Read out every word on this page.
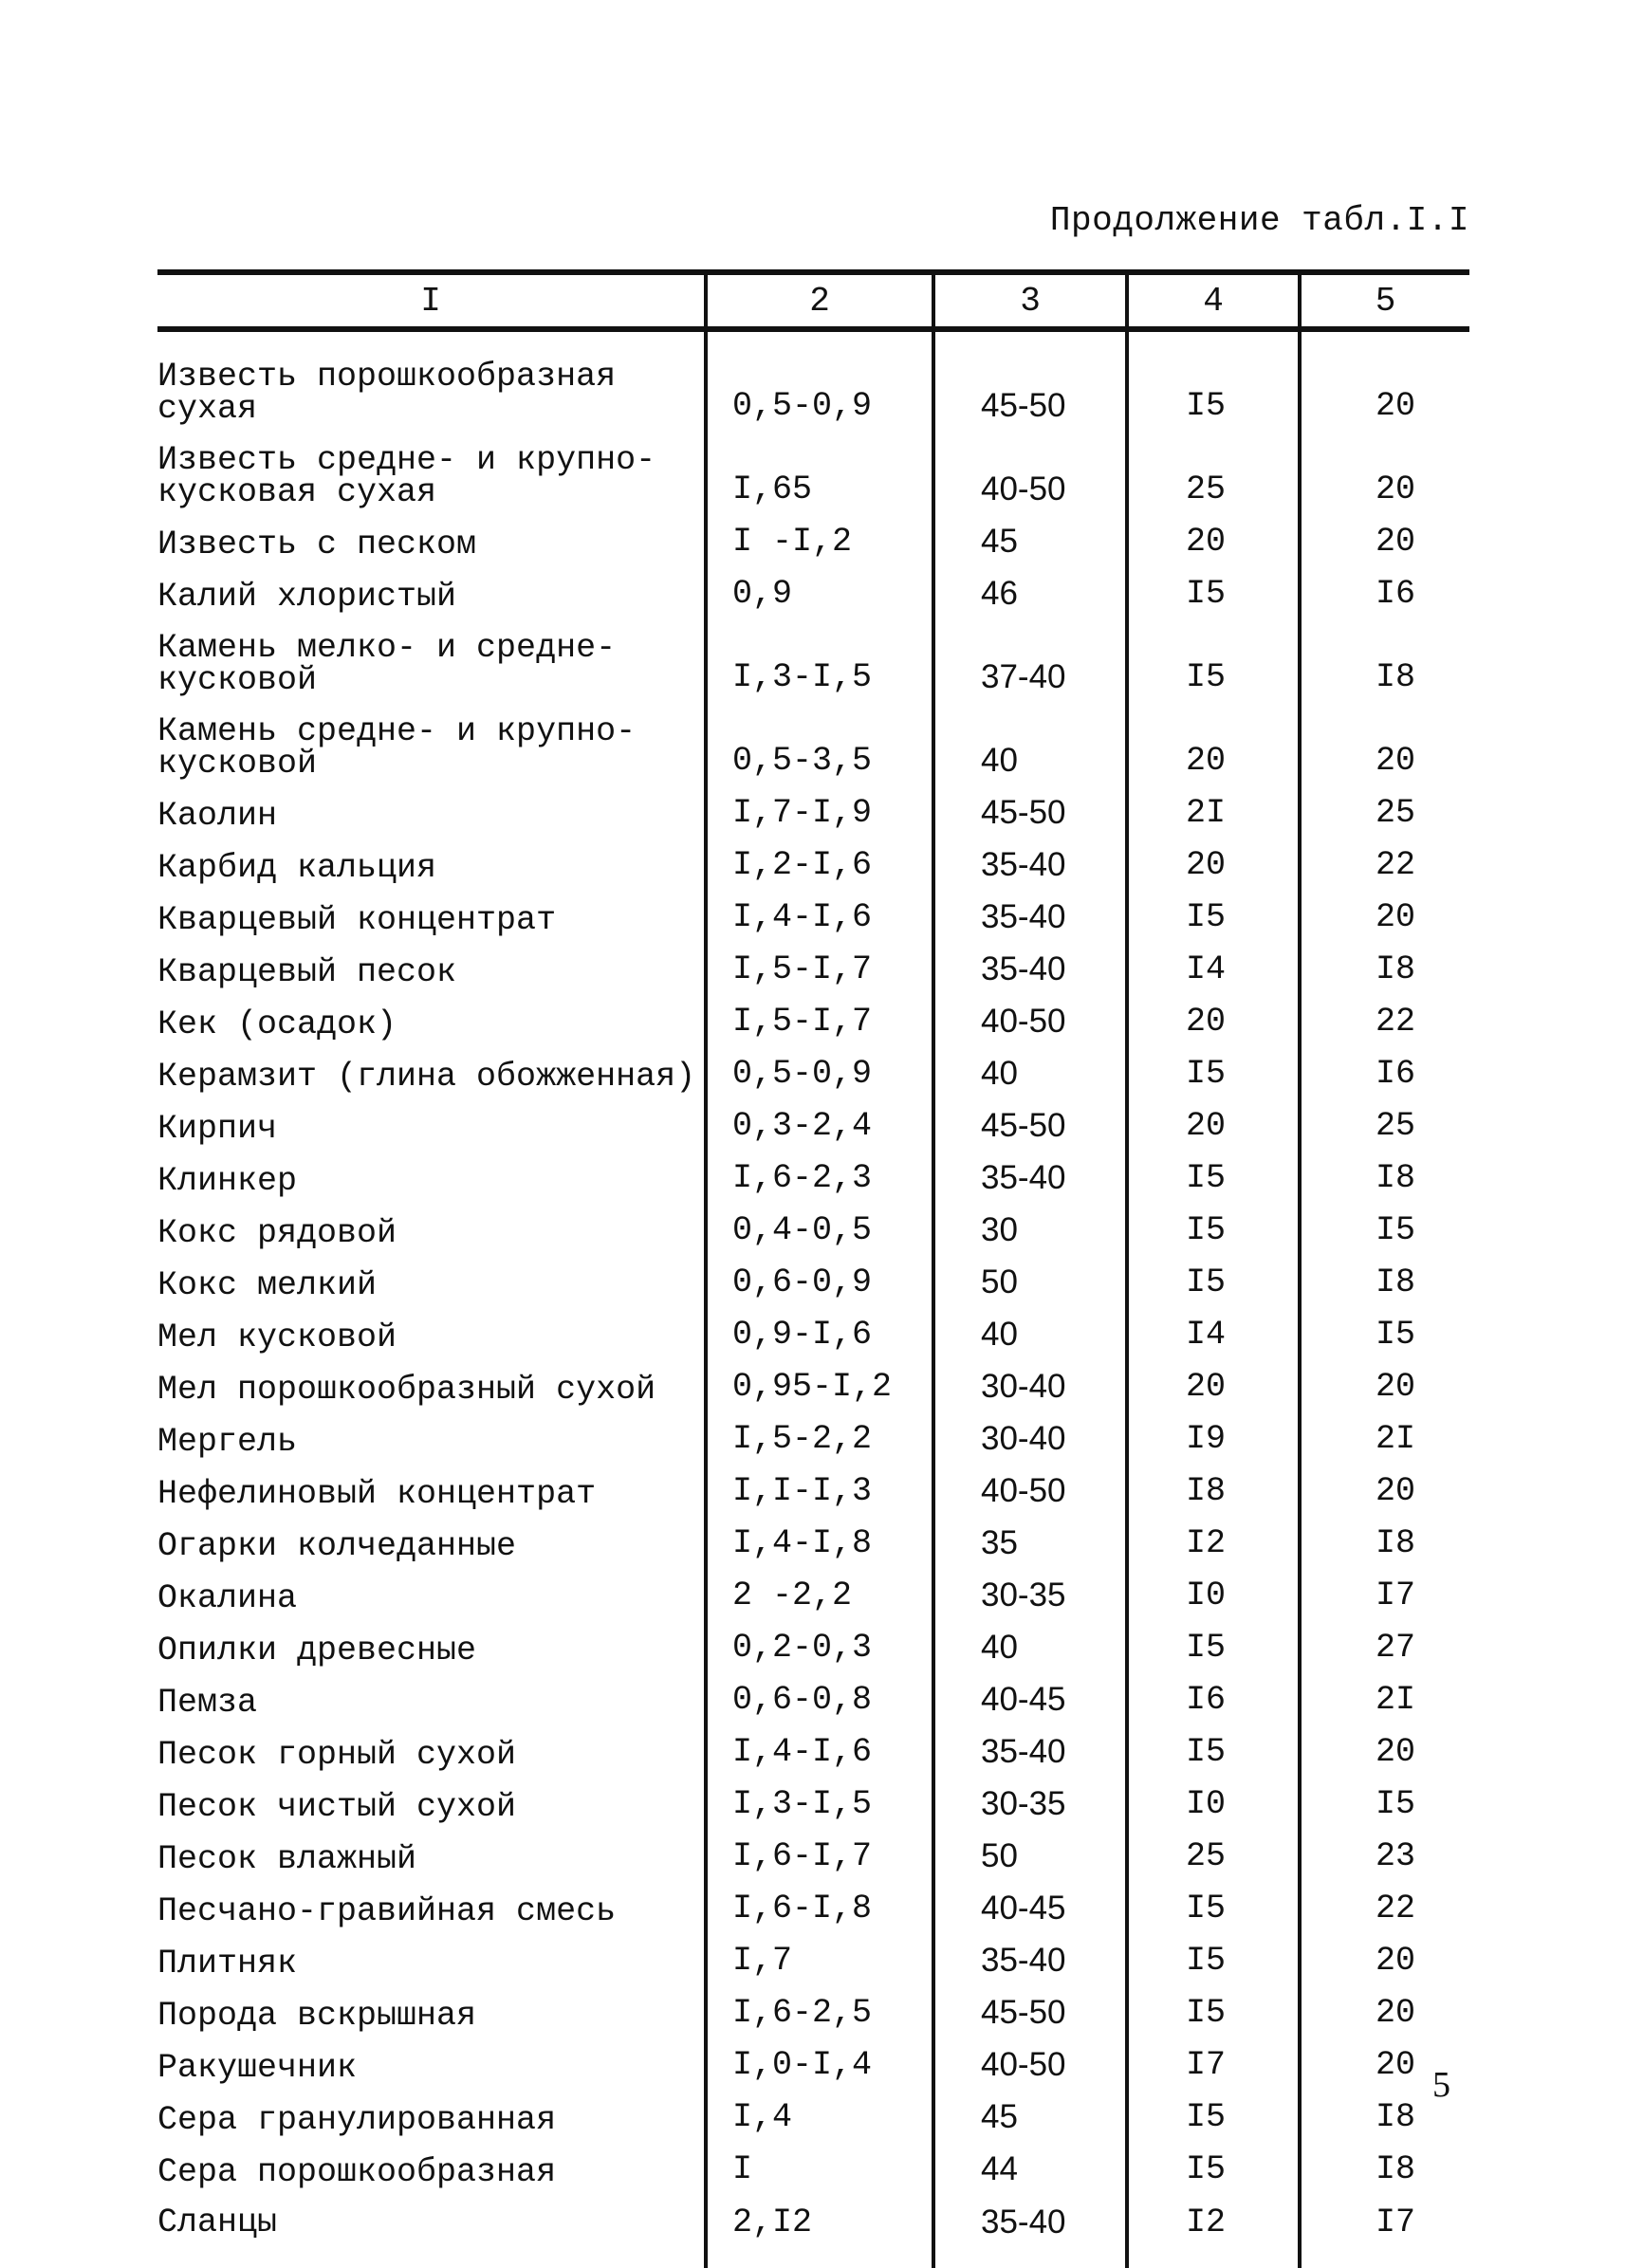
Продолжение табл.I.I
I	2	3	4	5

Известь порошкообразная
сухая	0,5-0,9	45-50	I5	20

Известь средне- и крупно-
кусковая сухая	I,65	40-50	25	20

Известь с песком	I -I,2	45	20	20

Калий хлористый	0,9	46	I5	I6

Камень мелко- и средне-
кусковой	I,3-I,5	37-40	I5	I8

Камень средне- и крупно-
кусковой	0,5-3,5	40	20	20

Каолин	I,7-I,9	45-50	2I	25

Карбид кальция	I,2-I,6	35-40	20	22

Кварцевый концентрат	I,4-I,6	35-40	I5	20

Кварцевый песок	I,5-I,7	35-40	I4	I8

Кек (осадок)	I,5-I,7	40-50	20	22

Керамзит (глина обожженная)	0,5-0,9	40	I5	I6

Кирпич	0,3-2,4	45-50	20	25

Клинкер	I,6-2,3	35-40	I5	I8

Кокс рядовой	0,4-0,5	30	I5	I5

Кокс мелкий	0,6-0,9	50	I5	I8

Мел кусковой	0,9-I,6	40	I4	I5

Мел порошкообразный сухой	0,95-I,2	30-40	20	20

Мергель	I,5-2,2	30-40	I9	2I

Нефелиновый концентрат	I,I-I,3	40-50	I8	20

Огарки колчеданные	I,4-I,8	35	I2	I8

Окалина	2 -2,2	30-35	I0	I7

Опилки древесные	0,2-0,3	40	I5	27

Пемза	0,6-0,8	40-45	I6	2I

Песок горный сухой	I,4-I,6	35-40	I5	20

Песок чистый сухой	I,3-I,5	30-35	I0	I5

Песок влажный	I,6-I,7	50	25	23

Песчано-гравийная смесь	I,6-I,8	40-45	I5	22

Плитняк	I,7	35-40	I5	20

Порода вскрышная	I,6-2,5	45-50	I5	20

Ракушечник	I,0-I,4	40-50	I7	20

Сера гранулированная	I,4	45	I5	I8

Сера порошкообразная	I	44	I5	I8

Сланцы	2,I2	35-40	I2	I7
5
